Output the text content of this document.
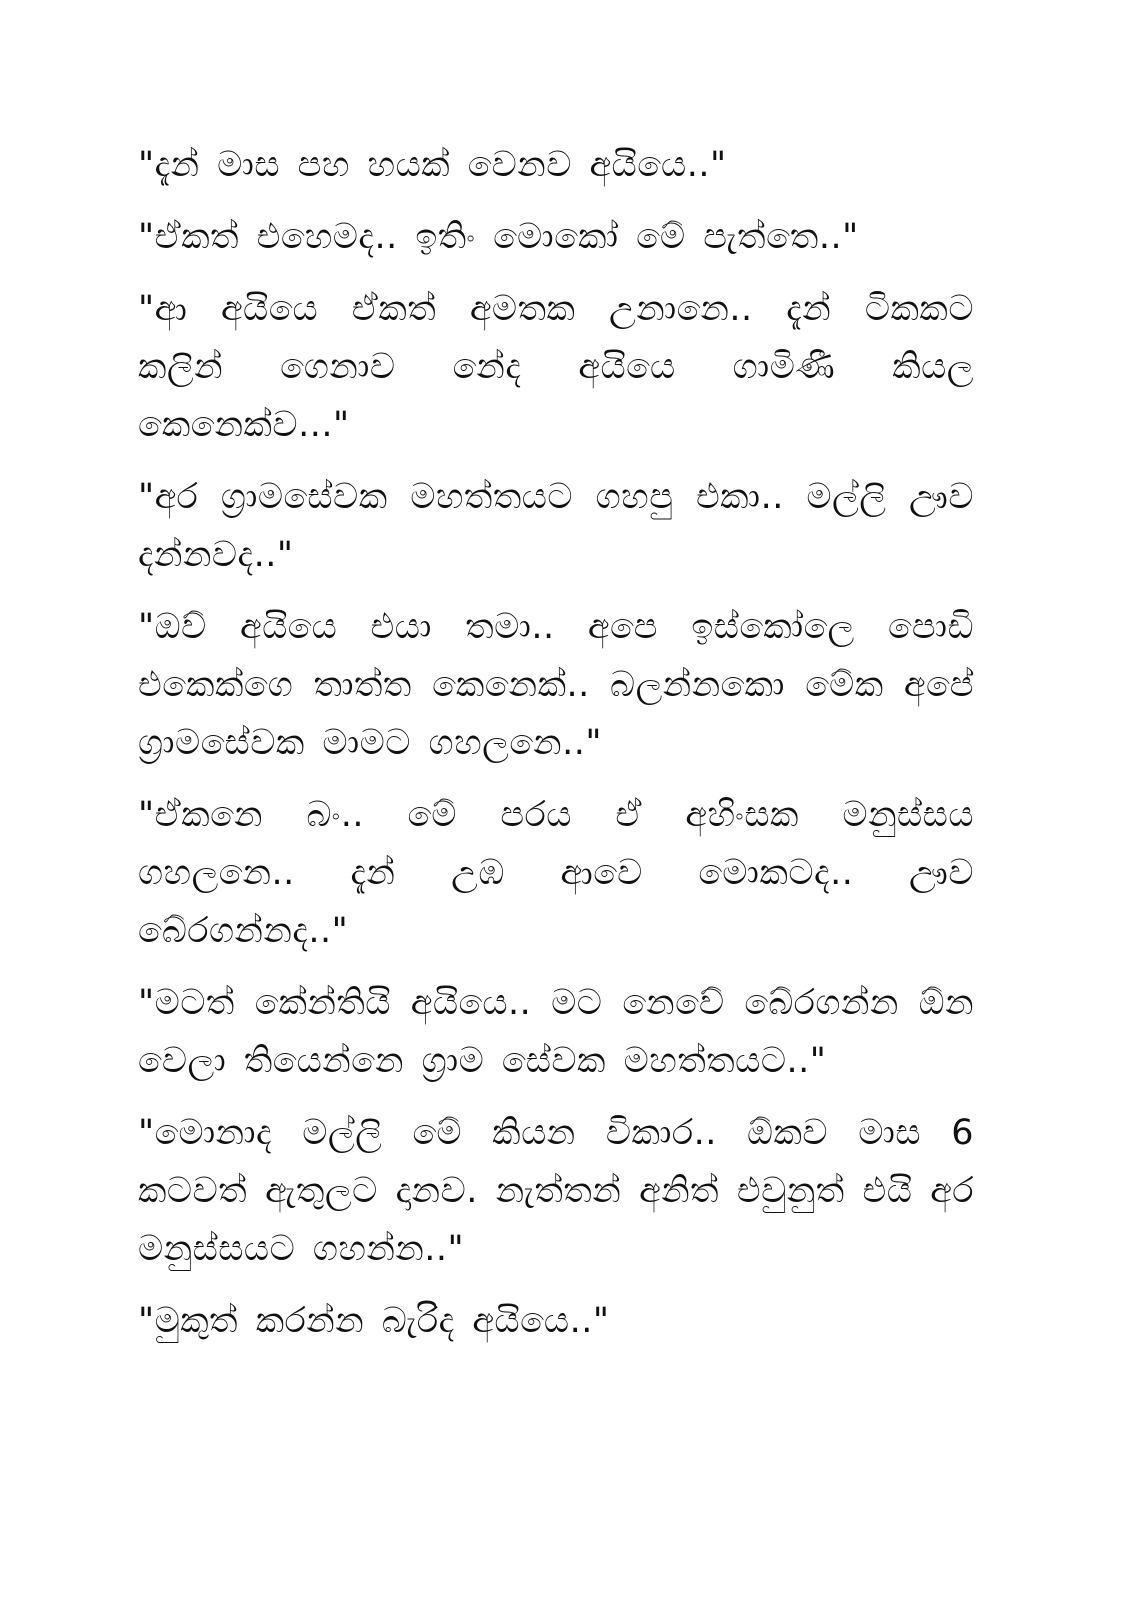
"දැන් මාස පහ හයක් වෙනව අයියෙ.."

"ඒකත් එහෙමද.. ඉතිං මොකෝ මේ පැත්තෙ.."

"ආ අයියෙ ඒකත් අමතක උනානෙ.. දැන් ටිකකට කලින් ගෙනාව නේද අයියෙ ගාමිණී කියල කෙනෙක්ව..."

"අර ග්‍රාමසේවක මහත්තයට ගහපු එකා.. මල්ලි ඌව දන්නවද.."

"ඔව් අයියෙ එයා තමා.. අපෙ ඉස්කෝලෙ පොඩි එකෙක්ගෙ තාත්ත කෙනෙක්.. බලන්නකො මේක අපේ ග්‍රාමසේවක මාමට ගහලනෙ.."

"ඒකනෙ බං.. මේ පරය ඒ අහිංසක මනුස්සය ගහලනෙ.. දැන් උඹ ආවෙ මොකටද.. ඌව බේරගන්නද.."

"මටත් කේන්තියි අයියෙ.. මට නෙවේ බේරගන්න ඕන වෙලා තියෙන්නෙ ග්‍රාම සේවක මහත්තයට.."

"මොනාද මල්ලි මේ කියන විකාර.. ඕකව මාස 6 කටවත් ඇතුලට දානව. නැත්තන් අනිත් එවුනුත් එයි අර මනුස්සයට ගහන්න.."

"මුකුත් කරන්න බැරිද අයියෙ.."
